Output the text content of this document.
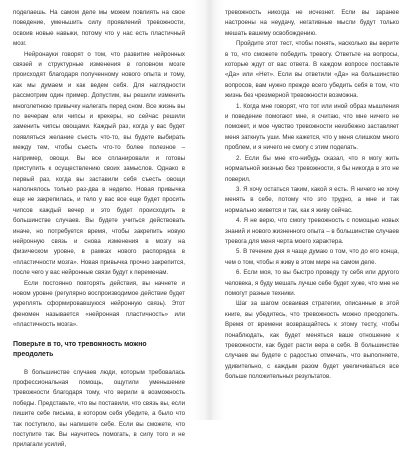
поделаешь. На самом деле мы можем повлиять на свое поведение, уменьшить силу проявлений тревожности, освоив новые навыки, потому что у нас есть пластичный мозг.

Нейронауки говорят о том, что развитие нейронных связей и структурные изменения в головном мозге происходят благодаря полученному нового опыта и тому, как мы думаем и как ведем себя. Для наглядности рассмотрим один пример. Допустим, вы решили изменить многолетнюю привычку налегать перед сном. Все жизнь вы по вечерам ели чипсы и крекеры, но сейчас решили заменить чипсы овощами. Каждый раз, когда у вас будет появляться желание съесть что-то, вы будете выбирать между тем, чтобы съесть что-то более полезное – например, овощи. Вы все спланировали и готовы приступить к осуществлению своих замыслов. Однако в первый раз, когда вы заставили себя съесть овощи наполнялось только раз-два в неделю. Новая привычка еще не закрепилась, и тело у вас все еще будет просить чипсов каждый вечер и это будет происходить в большинстве случаев. Вы будете учиться действовать иначе, но потребуется время, чтобы закрепить новую нейронную связь и снова изменения в мозгу на физическом уровне, в рамках нового распорядка в «пластичности мозга». Новая привычка прочно закрепится, после чего у вас нейронные связи будут к переменам.

Если постоянно повторять действия, вы начнете и новом уровне (регулярно воспроизводимое действие будет укреплять сформировавшуюся нейронную связь). Этот феномен называется «нейронная пластичность» или «пластичность мозга».

Поверьте в то, что тревожность можно преодолеть

В большинстве случаев люди, которым требовалась профессиональная помощь, ощутили уменьшение тревожности благодаря тому, что верили в возможность победы. Представьте, что вы поставили, что связь вы, если пишите себе письма, в котором себя убедите, а было что так поступило, вы напишете себе. Если вы сможете, что поступите так. Вы научитесь помогать, в силу того и не прилагали усилий,

тревожность никогда не исчезнет. Если вы заранее настроены на неудачу, негативные мысли будут только мешать вашему освобождению.

Пройдите этот тест, чтобы понять, насколько вы верите в то, что сможете победить тревогу. Ответьте на вопросы, которые ждут от вас ответа. В каждом вопросе поставьте «Да» или «Нет». Если вы ответили «Да» на большинство вопросов, вам нужно прежде всего убедить себя в том, что жизнь без чрезмерной тревожности возможна.

1. Когда мне говорят, что тот или иной образ мышления и поведение помогают мне, я считаю, что мне ничего не поможет, и мое чувство тревожности неизбежно заставляет меня заткнуть уши. Мне кажется, что у меня слишком много проблем, и я ничего не смогу с этим поделать.

2. Если бы мне кто-нибудь сказал, что я могу жить нормальной жизнью без тревожности, я бы никогда в это не поверил.

3. Я хочу остаться таким, какой я есть. Я ничего не хочу менять в себе, потому что это трудно, а мне и так нормально живется и так, как я живу сейчас.

4. Я не верю, что смогу тревожность с помощью новых знаний и нового жизненного опыта – в большинстве случаев тревога для меня черта моего характера.

5. В течение дня я чаще думаю о том, что до его конца, чем о том, чтобы я живу в этом мире на самом деле.

6. Если моя, то вы быстро проведу ту себя или другого человека, я буду мешать лучше себе будет хуже, что мне не помогут разные техники.

Шаг за шагом осваивая стратегии, описанные в этой книге, вы убедитесь, что тревожность можно преодолеть. Время от времени возвращайтесь к этому тесту, чтобы понаблюдать, как будет меняться ваше отношение к тревожности, как будет расти вера в себя. В большинстве случаев вы будете с радостью отмечать, что выполняете, удивительно, с каждым разом будет увеличиваться все больше положительных результатов.
